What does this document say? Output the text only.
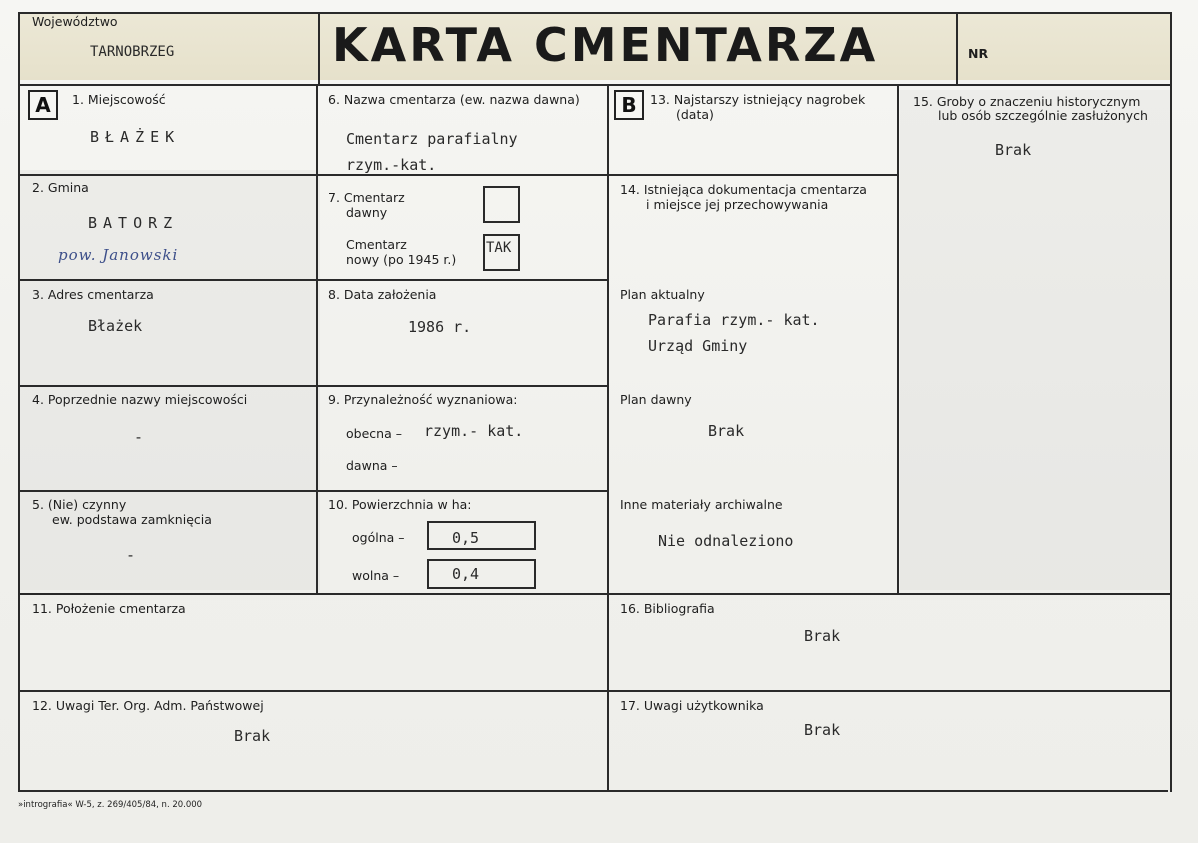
Województwo
TARNOBRZEG	KARTA CMENTARZA	NR
A	B
1. Miejscowość
BŁAŻEK
2. Gmina
BATORZ
pow. Janowski
3. Adres cmentarza
Błażek
4. Poprzednie nazwy miejscowości
-
5. (Nie) czynny
ew. podstawa zamknięcia
-
6. Nazwa cmentarza (ew. nazwa dawna)
Cmentarz parafialny
rzym.-kat.
7. Cmentarz
dawny
Cmentarz
nowy (po 1945 r.)
TAK
8. Data założenia
1986 r.
9. Przynależność wyznaniowa:
obecna – rzym.- kat.
dawna –
10. Powierzchnia w ha:
ogólna –	0,5
wolna –	0,4
11. Położenie cmentarza
12. Uwagi Ter. Org. Adm. Państwowej
Brak
13. Najstarszy istniejący nagrobek
(data)
14. Istniejąca dokumentacja cmentarza
i miejsce jej przechowywania
Plan aktualny
Parafia rzym.- kat.
Urząd Gminy
Plan dawny
Brak
Inne materiały archiwalne
Nie odnaleziono
15. Groby o znaczeniu historycznym
lub osób szczególnie zasłużonych
Brak
16. Bibliografia
Brak
17. Uwagi użytkownika
Brak
»intrografia« W-5, z. 269/405/84, n. 20.000
